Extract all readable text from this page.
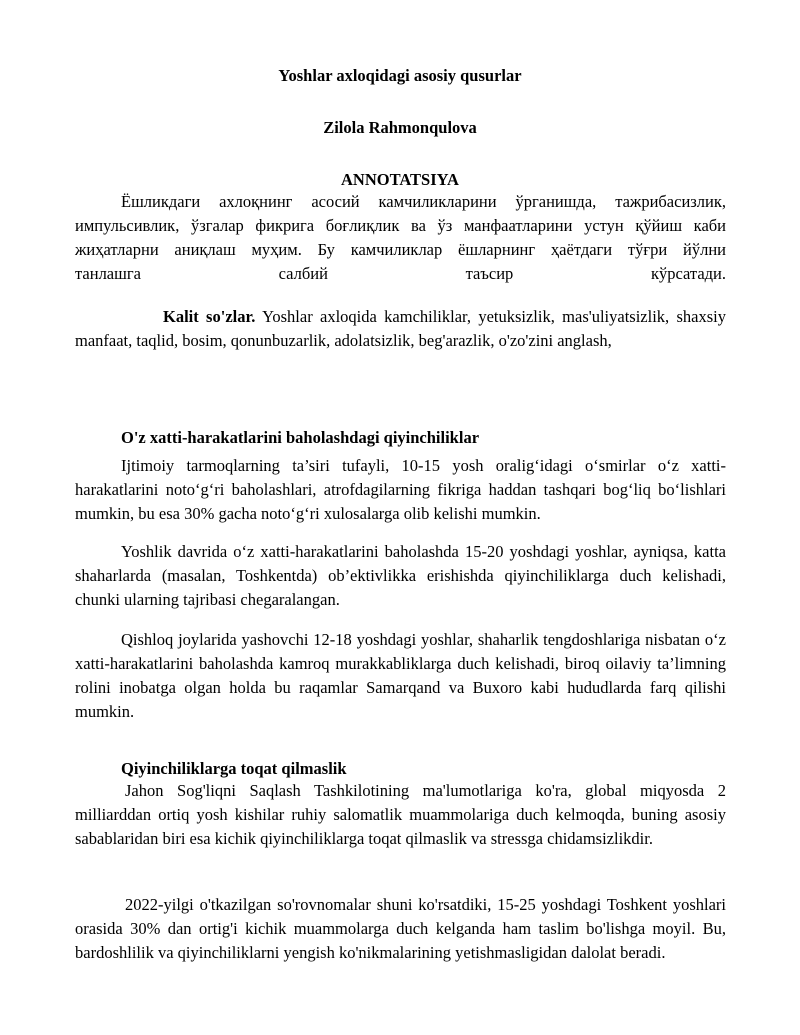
Yoshlar axloqidagi asosiy qusurlar
Zilola Rahmonqulova
ANNOTATSIYA
Ёшликдаги ахлоқнинг асосий камчиликларини ўрганишда, тажрибасизлик,
импульсивлик, ўзгалар фикрига боғлиқлик ва ўз манфаатларини устун қўйиш каби
жиҳатларни аниқлаш муҳим. Бу камчиликлар ёшларнинг ҳаётдаги тўғри йўлни
танлашга салбий таъсир кўрсатади.

Kalit so'zlar. Yoshlar axloqida kamchiliklar, yetuksizlik, mas'uliyatsizlik, shaxsiy manfaat, taqlid, bosim, qonunbuzarlik, adolatsizlik, beg'arazlik, o'zo'zini anglash,

O'z xatti-harakatlarini baholashdagi qiyinchiliklar

Ijtimoiy tarmoqlarning ta’siri tufayli, 10-15 yosh oralig‘idagi o‘smirlar o‘z xatti-harakatlarini noto‘g‘ri baholashlari, atrofdagilarning fikriga haddan tashqari bog‘liq bo‘lishlari mumkin, bu esa 30% gacha noto‘g‘ri xulosalarga olib kelishi mumkin.

Yoshlik davrida o‘z xatti-harakatlarini baholashda 15-20 yoshdagi yoshlar, ayniqsa, katta shaharlarda (masalan, Toshkentda) ob’ektivlikka erishishda qiyinchiliklarga duch kelishadi, chunki ularning tajribasi chegaralangan.

Qishloq joylarida yashovchi 12-18 yoshdagi yoshlar, shaharlik tengdoshlariga nisbatan o‘z xatti-harakatlarini baholashda kamroq murakkabliklarga duch kelishadi, biroq oilaviy ta’limning rolini inobatga olgan holda bu raqamlar Samarqand va Buxoro kabi hududlarda farq qilishi mumkin.

Qiyinchiliklarga toqat qilmaslik

Jahon Sog'liqni Saqlash Tashkilotining ma'lumotlariga ko'ra, global miqyosda 2 milliarddan ortiq yosh kishilar ruhiy salomatlik muammolariga duch kelmoqda, buning asosiy sabablaridan biri esa kichik qiyinchiliklarga toqat qilmaslik va stressga chidamsizlikdir.

2022-yilgi o'tkazilgan so'rovnomalar shuni ko'rsatdiki, 15-25 yoshdagi Toshkent yoshlari orasida 30% dan ortig'i kichik muammolarga duch kelganda ham taslim bo'lishga moyil. Bu, bardoshlilik va qiyinchiliklarni yengish ko'nikmalarining yetishmasligidan dalolat beradi.
